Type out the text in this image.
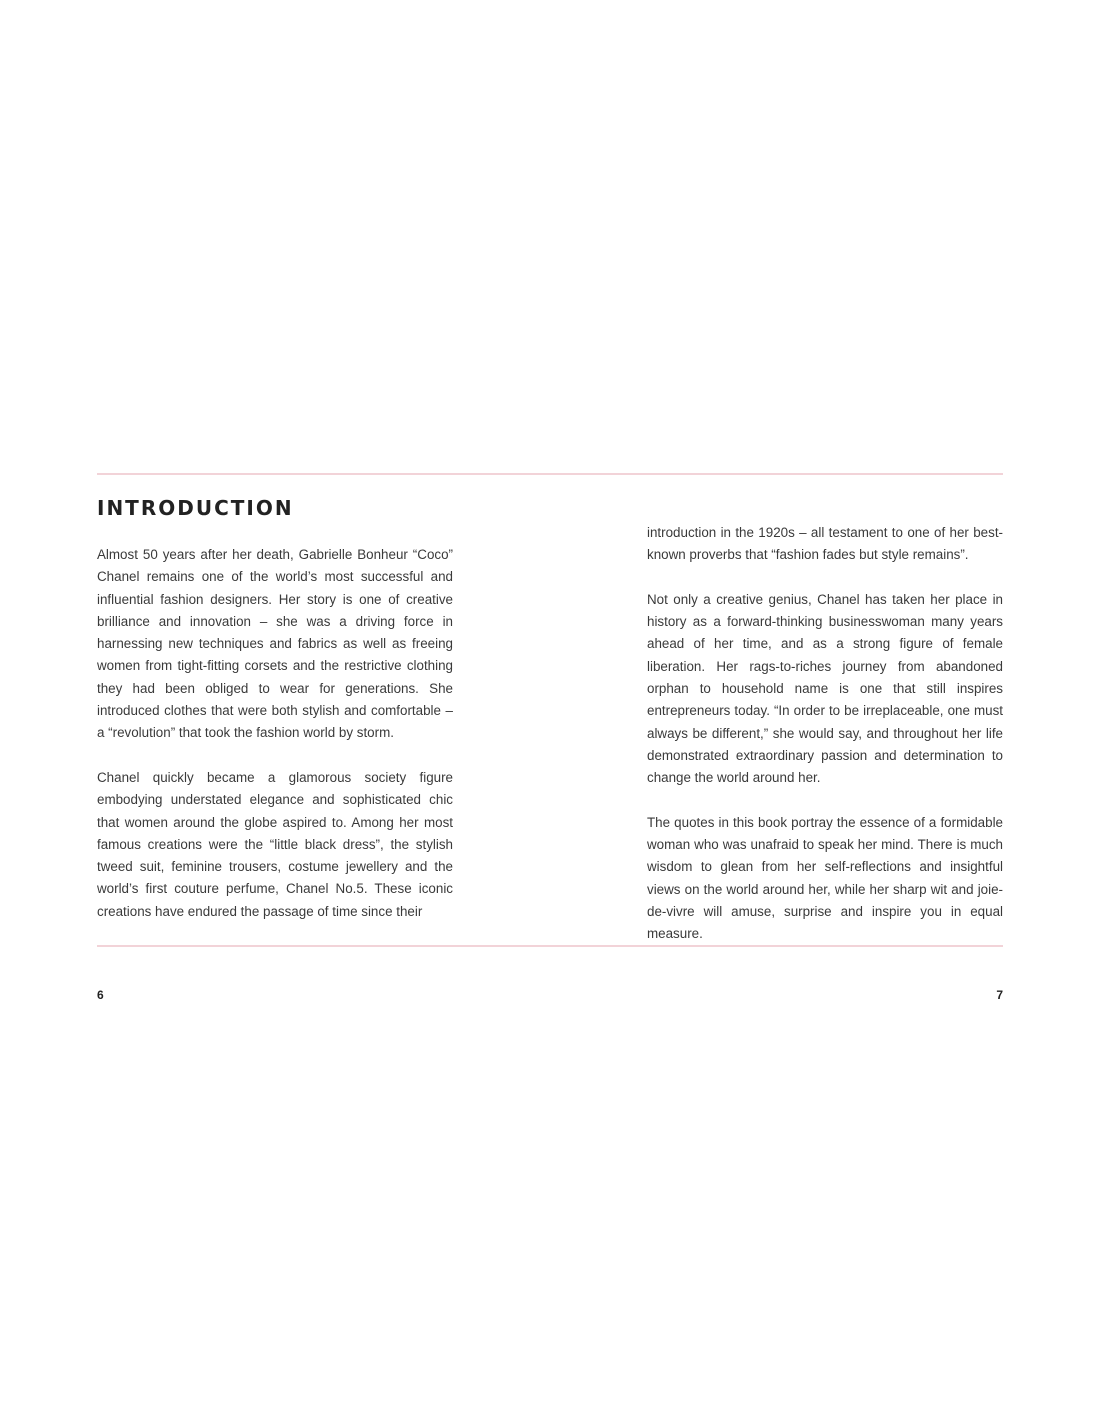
INTRODUCTION

Almost 50 years after her death, Gabrielle Bonheur “Coco” Chanel remains one of the world’s most successful and influential fashion designers. Her story is one of creative brilliance and innovation – she was a driving force in harnessing new techniques and fabrics as well as freeing women from tight-fitting corsets and the restrictive clothing they had been obliged to wear for generations. She introduced clothes that were both stylish and comfortable – a “revolution” that took the fashion world by storm.

Chanel quickly became a glamorous society figure embodying understated elegance and sophisticated chic that women around the globe aspired to. Among her most famous creations were the “little black dress”, the stylish tweed suit, feminine trousers, costume jewellery and the world’s first couture perfume, Chanel No.5. These iconic creations have endured the passage of time since their

introduction in the 1920s – all testament to one of her best-known proverbs that “fashion fades but style remains”.

Not only a creative genius, Chanel has taken her place in history as a forward-thinking businesswoman many years ahead of her time, and as a strong figure of female liberation. Her rags-to-riches journey from abandoned orphan to household name is one that still inspires entrepreneurs today. “In order to be irreplaceable, one must always be different,” she would say, and throughout her life demonstrated extraordinary passion and determination to change the world around her.

The quotes in this book portray the essence of a formidable woman who was unafraid to speak her mind. There is much wisdom to glean from her self-reflections and insightful views on the world around her, while her sharp wit and joie-de-vivre will amuse, surprise and inspire you in equal measure.

6	7
